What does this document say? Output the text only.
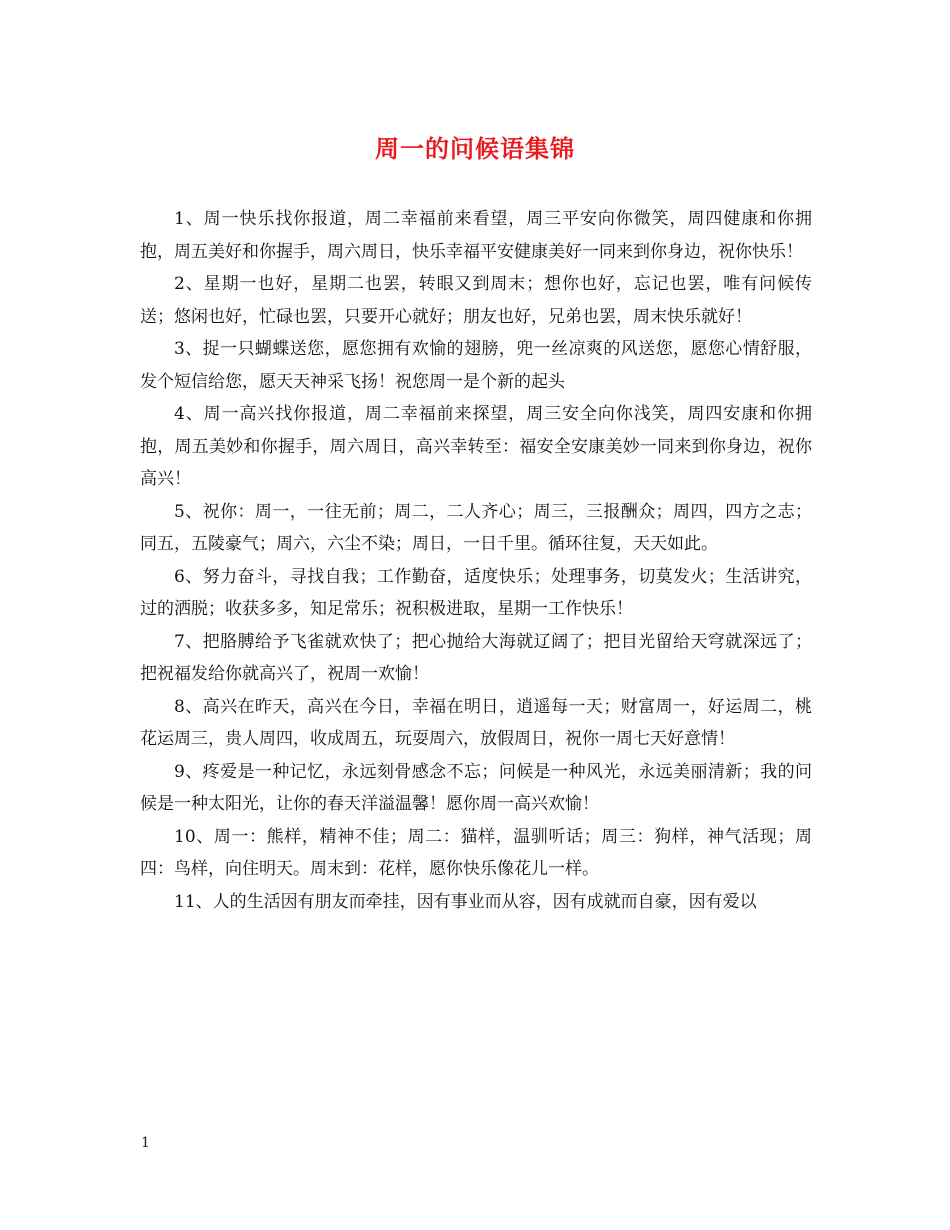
周一的问候语集锦

1、周一快乐找你报道，周二幸福前来看望，周三平安向你微笑，周四健康和你拥抱，周五美好和你握手，周六周日，快乐幸福平安健康美好一同来到你身边，祝你快乐！

2、星期一也好，星期二也罢，转眼又到周末；想你也好，忘记也罢，唯有问候传送；悠闲也好，忙碌也罢，只要开心就好；朋友也好，兄弟也罢，周末快乐就好！

3、捉一只蝴蝶送您，愿您拥有欢愉的翅膀，兜一丝凉爽的风送您，愿您心情舒服，发个短信给您，愿天天神采飞扬！祝您周一是个新的起头

4、周一高兴找你报道，周二幸福前来探望，周三安全向你浅笑，周四安康和你拥抱，周五美妙和你握手，周六周日，高兴幸转至：福安全安康美妙一同来到你身边，祝你高兴！

5、祝你：周一，一往无前；周二，二人齐心；周三，三报酬众；周四，四方之志；同五，五陵豪气；周六，六尘不染；周日，一日千里。循环往复，天天如此。

6、努力奋斗，寻找自我；工作勤奋，适度快乐；处理事务，切莫发火；生活讲究，过的洒脱；收获多多，知足常乐；祝积极进取，星期一工作快乐！

7、把胳膊给予飞雀就欢快了；把心抛给大海就辽阔了；把目光留给天穹就深远了；把祝福发给你就高兴了，祝周一欢愉！

8、高兴在昨天，高兴在今日，幸福在明日，逍遥每一天；财富周一，好运周二，桃花运周三，贵人周四，收成周五，玩耍周六，放假周日，祝你一周七天好意情！

9、疼爱是一种记忆，永远刻骨感念不忘；问候是一种风光，永远美丽清新；我的问候是一种太阳光，让你的春天洋溢温馨！愿你周一高兴欢愉！

10、周一：熊样，精神不佳；周二：猫样，温驯听话；周三：狗样，神气活现；周四：鸟样，向住明天。周末到：花样，愿你快乐像花儿一样。

11、人的生活因有朋友而牵挂，因有事业而从容，因有成就而自豪，因有爱以

1
